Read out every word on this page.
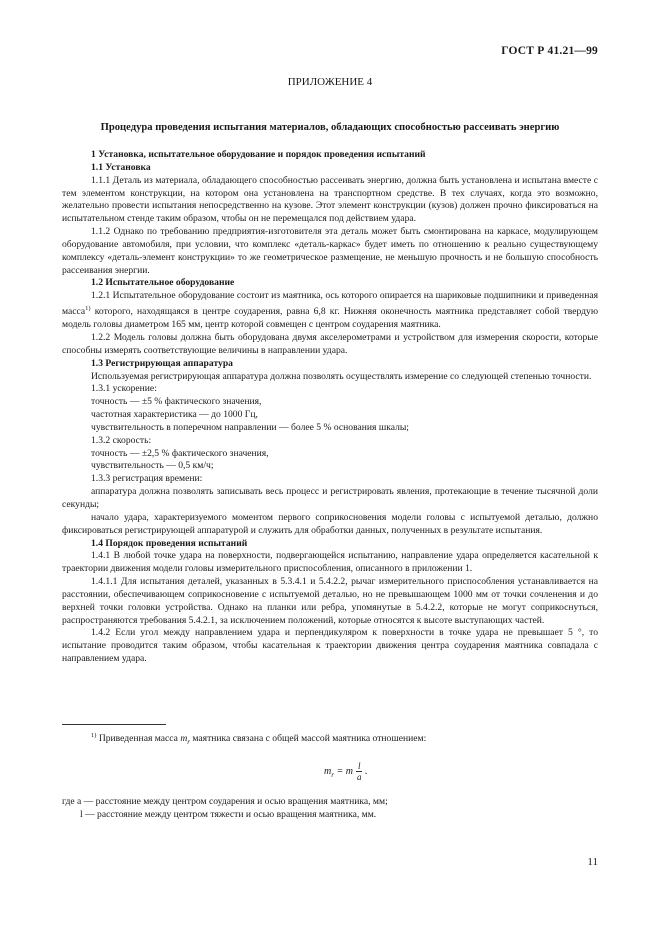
ГОСТ Р 41.21—99
ПРИЛОЖЕНИЕ 4
Процедура проведения испытания материалов, обладающих способностью рассеивать энергию

1 Установка, испытательное оборудование и порядок проведения испытаний

1.1 Установка

1.1.1 Деталь из материала, обладающего способностью рассеивать энергию, должна быть установлена и испытана вместе с тем элементом конструкции, на котором она установлена на транспортном средстве. В тех случаях, когда это возможно, желательно провести испытания непосредственно на кузове. Этот элемент конструкции (кузов) должен прочно фиксироваться на испытательном стенде таким образом, чтобы он не перемещался под действием удара.

1.1.2 Однако по требованию предприятия-изготовителя эта деталь может быть смонтирована на каркасе, модулирующем оборудование автомобиля, при условии, что комплекс «деталь-каркас» будет иметь по отношению к реально существующему комплексу «деталь-элемент конструкции» то же геометрическое размещение, не меньшую прочность и не большую способность рассеивания энергии.

1.2 Испытательное оборудование

1.2.1 Испытательное оборудование состоит из маятника, ось которого опирается на шариковые подшипники и приведенная масса$^{1)}$ которого, находящаяся в центре соударения, равна 6,8 кг. Нижняя оконечность маятника представляет собой твердую модель головы диаметром 165 мм, центр которой совмещен с центром соударения маятника.

1.2.2 Модель головы должна быть оборудована двумя акселерометрами и устройством для измерения скорости, которые способны измерять соответствующие величины в направлении удара.

1.3 Регистрирующая аппаратура

Используемая регистрирующая аппаратура должна позволять осуществлять измерение со следующей степенью точности.

1.3.1 ускорение:

точность — ±5 % фактического значения,

частотная характеристика — до 1000 Гц,

чувствительность в поперечном направлении — более 5 % основания шкалы;

1.3.2 скорость:

точность — ±2,5 % фактического значения,

чувствительность — 0,5 км/ч;

1.3.3 регистрация времени:

аппаратура должна позволять записывать весь процесс и регистрировать явления, протекающие в течение тысячной доли секунды;

начало удара, характеризуемого моментом первого соприкосновения модели головы с испытуемой деталью, должно фиксироваться регистрирующей аппаратурой и служить для обработки данных, полученных в результате испытания.

1.4 Порядок проведения испытаний

1.4.1 В любой точке удара на поверхности, подвергающейся испытанию, направление удара определяется касательной к траектории движения модели головы измерительного приспособления, описанного в приложении 1.

1.4.1.1 Для испытания деталей, указанных в 5.3.4.1 и 5.4.2.2, рычаг измерительного приспособления устанавливается на расстоянии, обеспечивающем соприкосновение с испытуемой деталью, но не превышающем 1000 мм от точки сочленения и до верхней точки головки устройства. Однако на планки или ребра, упомянутые в 5.4.2.2, которые не могут соприкоснуться, распространяются требования 5.4.2.1, за исключением положений, которые относятся к высоте выступающих частей.

1.4.2 Если угол между направлением удара и перпендикуляром к поверхности в точке удара не превышает 5 °, то испытание проводится таким образом, чтобы касательная к траектории движения центра соударения маятника совпадала с направлением удара.

$^{1)}$ Приведенная масса $m_r$ маятника связана с общей массой маятника отношением:
$m_r = m \frac{l}{a}$ .
где a — расстояние между центром соударения и осью вращения маятника, мм;
l — расстояние между центром тяжести и осью вращения маятника, мм.
11
